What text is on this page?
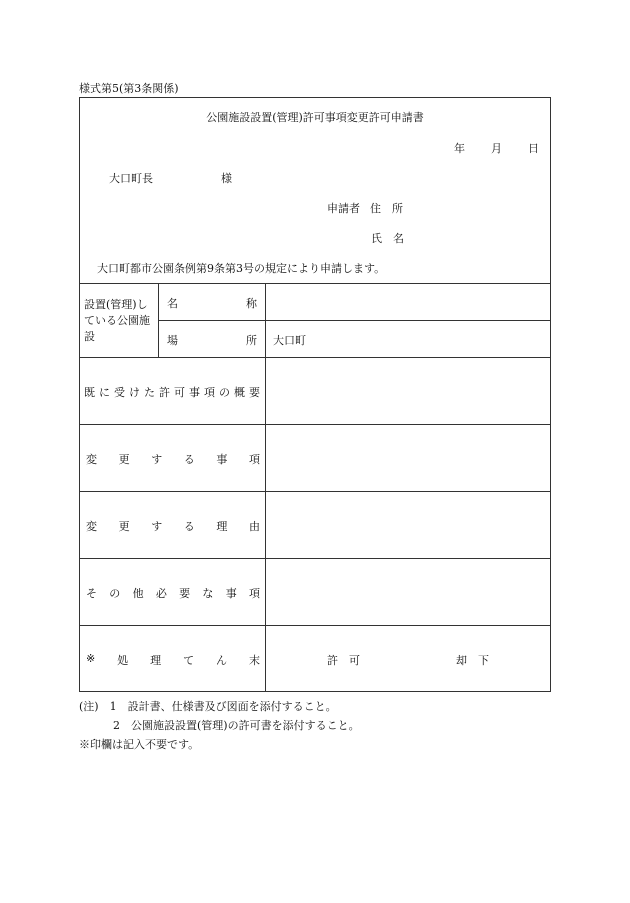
様式第5(第3条関係)
公園施設設置(管理)許可事項変更許可申請書
年 月 日
大口町長	様
申請者 住　所
氏　名
大口町都市公園条例第9条第3号の規定により申請します。
設置(管理)している公園施設
名	称
場	所 大口町
既 に 受 け た 許 可 事 項 の 概 要
変 更 す る 事 項
変 更 す る 理 由
そ の 他 必 要 な 事 項
※ 処 理 て ん 末	許　可	却　下
(注)　1　設計書、仕様書及び図面を添付すること。
2　公園施設設置(管理)の許可書を添付すること。
※印欄は記入不要です。
